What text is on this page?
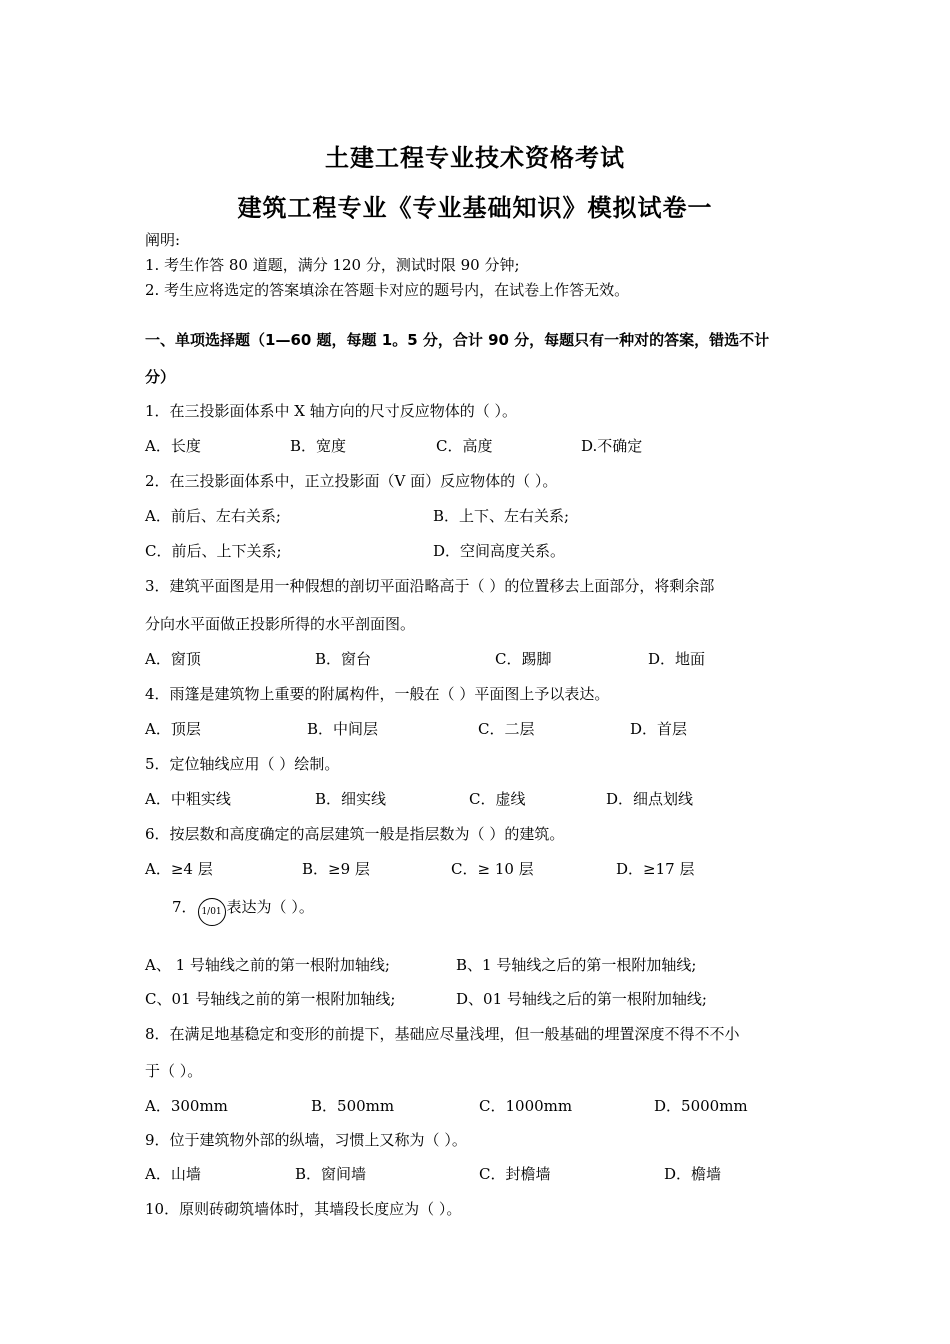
土建工程专业技术资格考试
建筑工程专业《专业基础知识》模拟试卷一
阐明:
1. 考生作答 80 道题，满分 120 分，测试时限 90 分钟;
2. 考生应将选定的答案填涂在答题卡对应的题号内，在试卷上作答无效。
一、单项选择题（1—60 题，每题 1。5 分，合计 90 分，每题只有一种对的答案，错选不计
分）
1．在三投影面体系中 X 轴方向的尺寸反应物体的（ ）。
A．长度	B．宽度	C．高度	D.不确定
2．在三投影面体系中，正立投影面（V 面）反应物体的（ ）。
A．前后、左右关系;	B．上下、左右关系;
C．前后、上下关系;	D．空间高度关系。
3．建筑平面图是用一种假想的剖切平面沿略高于（ ）的位置移去上面部分，将剩余部
分向水平面做正投影所得的水平剖面图。
A．窗顶	B．窗台	C．踢脚	D．地面
4．雨篷是建筑物上重要的附属构件，一般在（ ）平面图上予以表达。
A．顶层	B．中间层	C．二层	D．首层
5．定位轴线应用（ ）绘制。
A．中粗实线	B．细实线	C．虚线	D．细点划线
6．按层数和高度确定的高层建筑一般是指层数为（ ）的建筑。
A．≥4 层	B．≥9 层	C．≥ 10 层	D．≥17 层
7． 1/01 表达为（ ）。
A、 1 号轴线之前的第一根附加轴线;	B、1 号轴线之后的第一根附加轴线;
C、01 号轴线之前的第一根附加轴线;	D、01 号轴线之后的第一根附加轴线;
8．在满足地基稳定和变形的前提下，基础应尽量浅埋，但一般基础的埋置深度不得不不小
于（ ）。
A．300mm	B．500mm	C．1000mm	D．5000mm
9．位于建筑物外部的纵墙，习惯上又称为（ ）。
A．山墙	B．窗间墙	C．封檐墙	D．檐墙
10．原则砖砌筑墙体时，其墙段长度应为（ ）。
